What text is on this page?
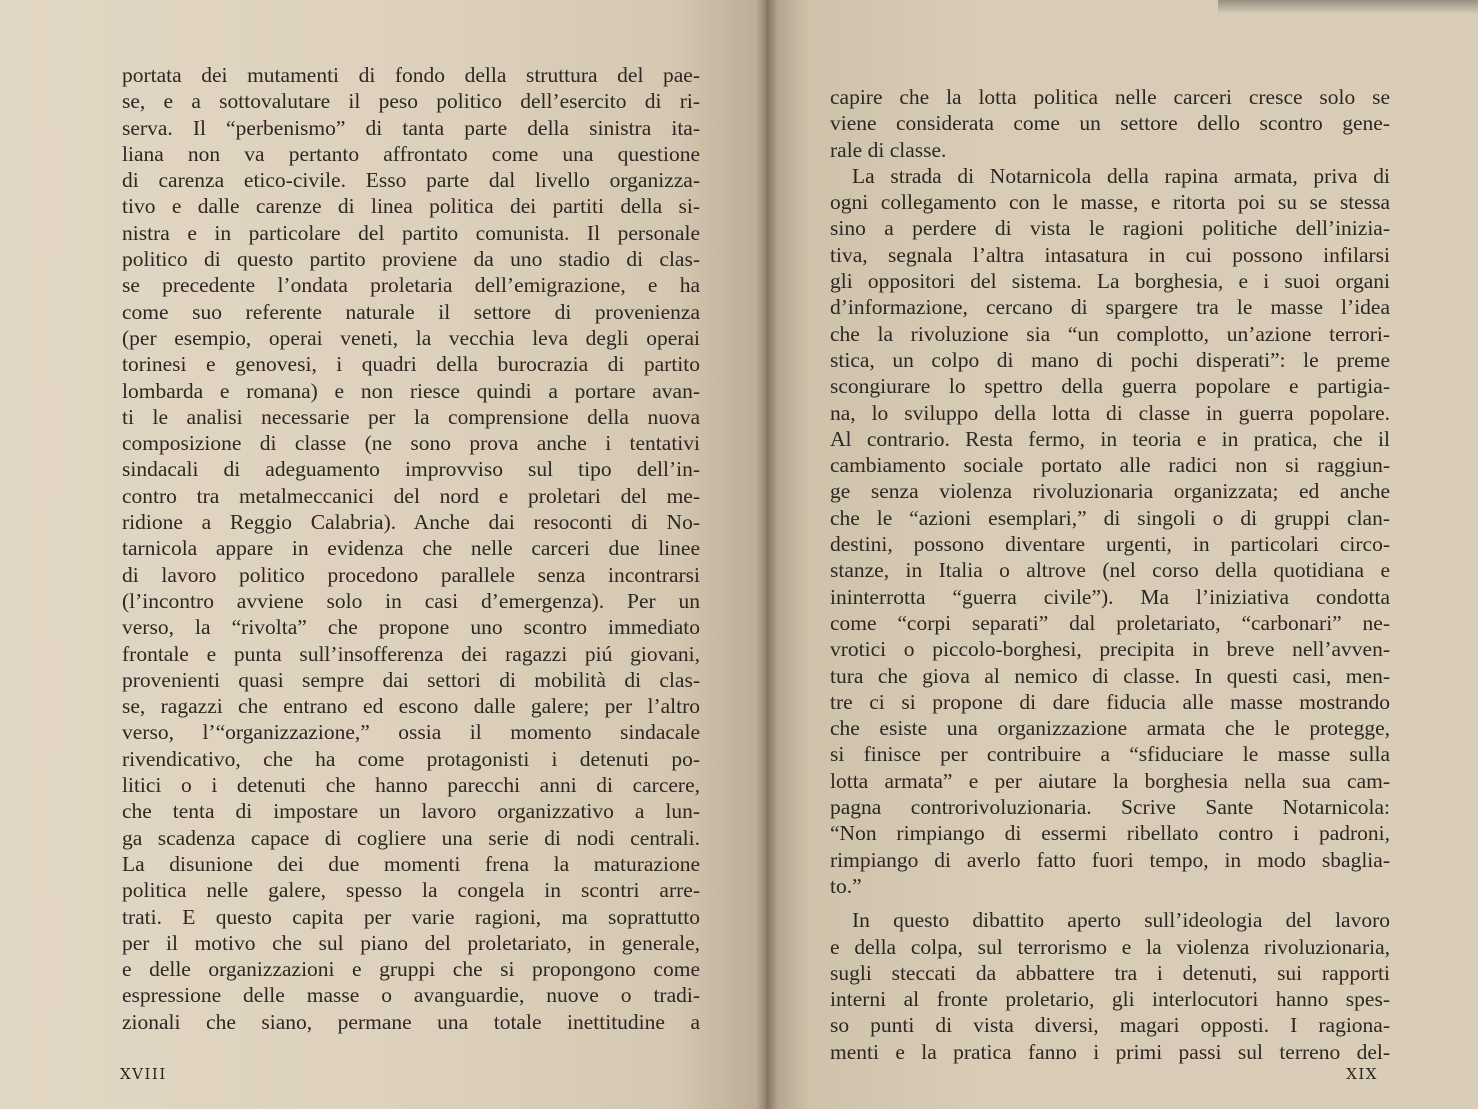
portata dei mutamenti di fondo della struttura del pae-
se, e a sottovalutare il peso politico dell’esercito di ri-
serva. Il “perbenismo” di tanta parte della sinistra ita-
liana non va pertanto affrontato come una questione
di carenza etico-civile. Esso parte dal livello organizza-
tivo e dalle carenze di linea politica dei partiti della si-
nistra e in particolare del partito comunista. Il personale
politico di questo partito proviene da uno stadio di clas-
se precedente l’ondata proletaria dell’emigrazione, e ha
come suo referente naturale il settore di provenienza
(per esempio, operai veneti, la vecchia leva degli operai
torinesi e genovesi, i quadri della burocrazia di partito
lombarda e romana) e non riesce quindi a portare avan-
ti le analisi necessarie per la comprensione della nuova
composizione di classe (ne sono prova anche i tentativi
sindacali di adeguamento improvviso sul tipo dell’in-
contro tra metalmeccanici del nord e proletari del me-
ridione a Reggio Calabria). Anche dai resoconti di No-
tarnicola appare in evidenza che nelle carceri due linee
di lavoro politico procedono parallele senza incontrarsi
(l’incontro avviene solo in casi d’emergenza). Per un
verso, la “rivolta” che propone uno scontro immediato
frontale e punta sull’insofferenza dei ragazzi piú giovani,
provenienti quasi sempre dai settori di mobilità di clas-
se, ragazzi che entrano ed escono dalle galere; per l’altro
verso, l’“organizzazione,” ossia il momento sindacale
rivendicativo, che ha come protagonisti i detenuti po-
litici o i detenuti che hanno parecchi anni di carcere,
che tenta di impostare un lavoro organizzativo a lun-
ga scadenza capace di cogliere una serie di nodi centrali.
La disunione dei due momenti frena la maturazione
politica nelle galere, spesso la congela in scontri arre-
trati. E questo capita per varie ragioni, ma soprattutto
per il motivo che sul piano del proletariato, in generale,
e delle organizzazioni e gruppi che si propongono come
espressione delle masse o avanguardie, nuove o tradi-
zionali che siano, permane una totale inettitudine a
XVIII
capire che la lotta politica nelle carceri cresce solo se
viene considerata come un settore dello scontro gene-
rale di classe.
La strada di Notarnicola della rapina armata, priva di
ogni collegamento con le masse, e ritorta poi su se stessa
sino a perdere di vista le ragioni politiche dell’inizia-
tiva, segnala l’altra intasatura in cui possono infilarsi
gli oppositori del sistema. La borghesia, e i suoi organi
d’informazione, cercano di spargere tra le masse l’idea
che la rivoluzione sia “un complotto, un’azione terrori-
stica, un colpo di mano di pochi disperati”: le preme
scongiurare lo spettro della guerra popolare e partigia-
na, lo sviluppo della lotta di classe in guerra popolare.
Al contrario. Resta fermo, in teoria e in pratica, che il
cambiamento sociale portato alle radici non si raggiun-
ge senza violenza rivoluzionaria organizzata; ed anche
che le “azioni esemplari,” di singoli o di gruppi clan-
destini, possono diventare urgenti, in particolari circo-
stanze, in Italia o altrove (nel corso della quotidiana e
ininterrotta “guerra civile”). Ma l’iniziativa condotta
come “corpi separati” dal proletariato, “carbonari” ne-
vrotici o piccolo-borghesi, precipita in breve nell’avven-
tura che giova al nemico di classe. In questi casi, men-
tre ci si propone di dare fiducia alle masse mostrando
che esiste una organizzazione armata che le protegge,
si finisce per contribuire a “sfiduciare le masse sulla
lotta armata” e per aiutare la borghesia nella sua cam-
pagna controrivoluzionaria. Scrive Sante Notarnicola:
“Non rimpiango di essermi ribellato contro i padroni,
rimpiango di averlo fatto fuori tempo, in modo sbaglia-
to.”
In questo dibattito aperto sull’ideologia del lavoro
e della colpa, sul terrorismo e la violenza rivoluzionaria,
sugli steccati da abbattere tra i detenuti, sui rapporti
interni al fronte proletario, gli interlocutori hanno spes-
so punti di vista diversi, magari opposti. I ragiona-
menti e la pratica fanno i primi passi sul terreno del-
XIX
